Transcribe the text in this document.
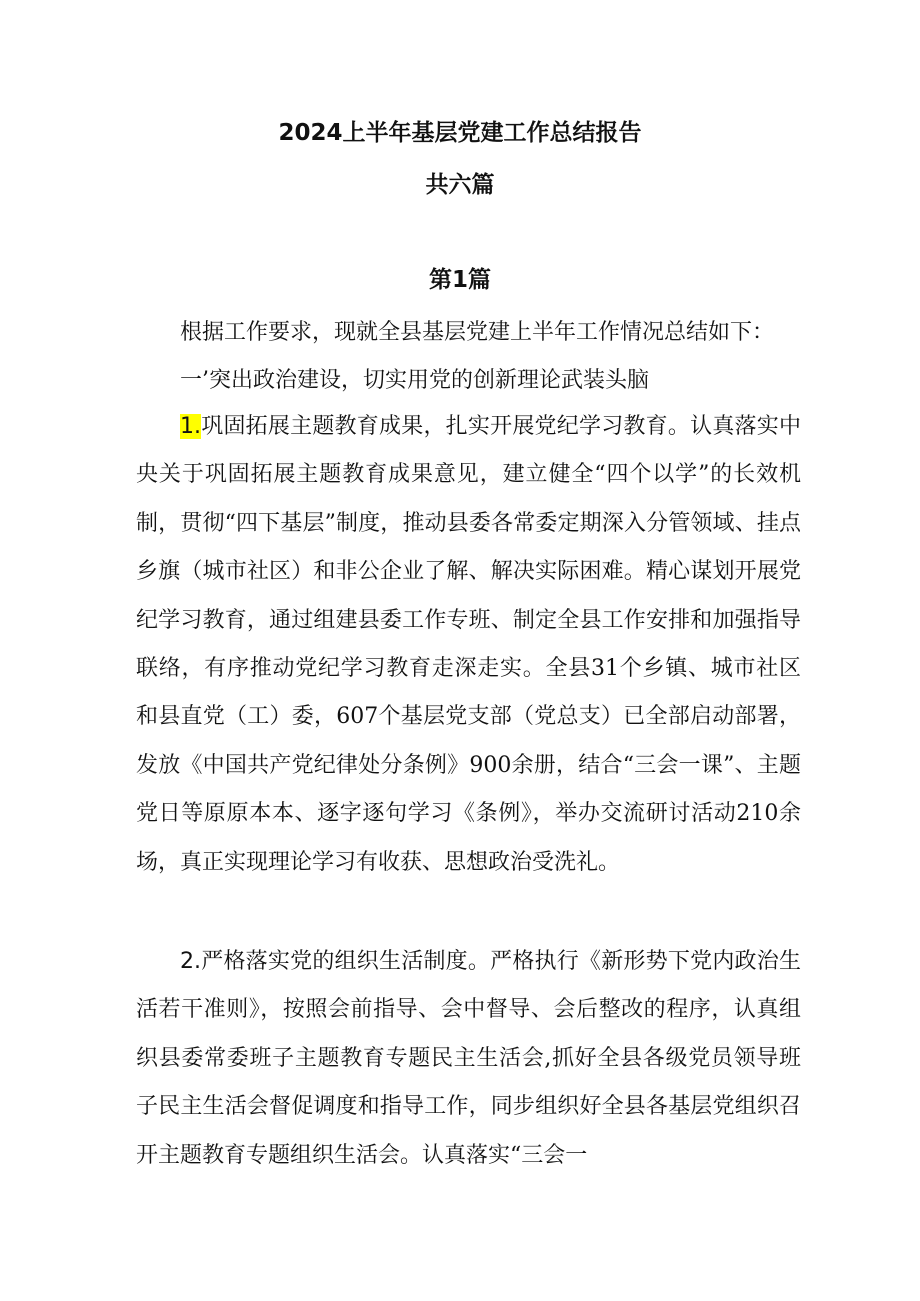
2024上半年基层党建工作总结报告
共六篇
第1篇

根据工作要求，现就全县基层党建上半年工作情况总结如下：

一’突出政治建设，切实用党的创新理论武装头脑

1.巩固拓展主题教育成果，扎实开展党纪学习教育。认真落实中央关于巩固拓展主题教育成果意见，建立健全“四个以学”的长效机制，贯彻“四下基层”制度，推动县委各常委定期深入分管领域、挂点乡旗（城市社区）和非公企业了解、解决实际困难。精心谋划开展党纪学习教育，通过组建县委工作专班、制定全县工作安排和加强指导联络，有序推动党纪学习教育走深走实。全县31个乡镇、城市社区和县直党（工）委，607个基层党支部（党总支）已全部启动部署，发放《中国共产党纪律处分条例》900余册，结合“三会一课”、主题党日等原原本本、逐字逐句学习《条例》，举办交流研讨活动210余场，真正实现理论学习有收获、思想政治受洗礼。

2.严格落实党的组织生活制度。严格执行《新形势下党内政治生活若干准则》，按照会前指导、会中督导、会后整改的程序，认真组织县委常委班子主题教育专题民主生活会,抓好全县各级党员领导班子民主生活会督促调度和指导工作，同步组织好全县各基层党组织召开主题教育专题组织生活会。认真落实“三会一
